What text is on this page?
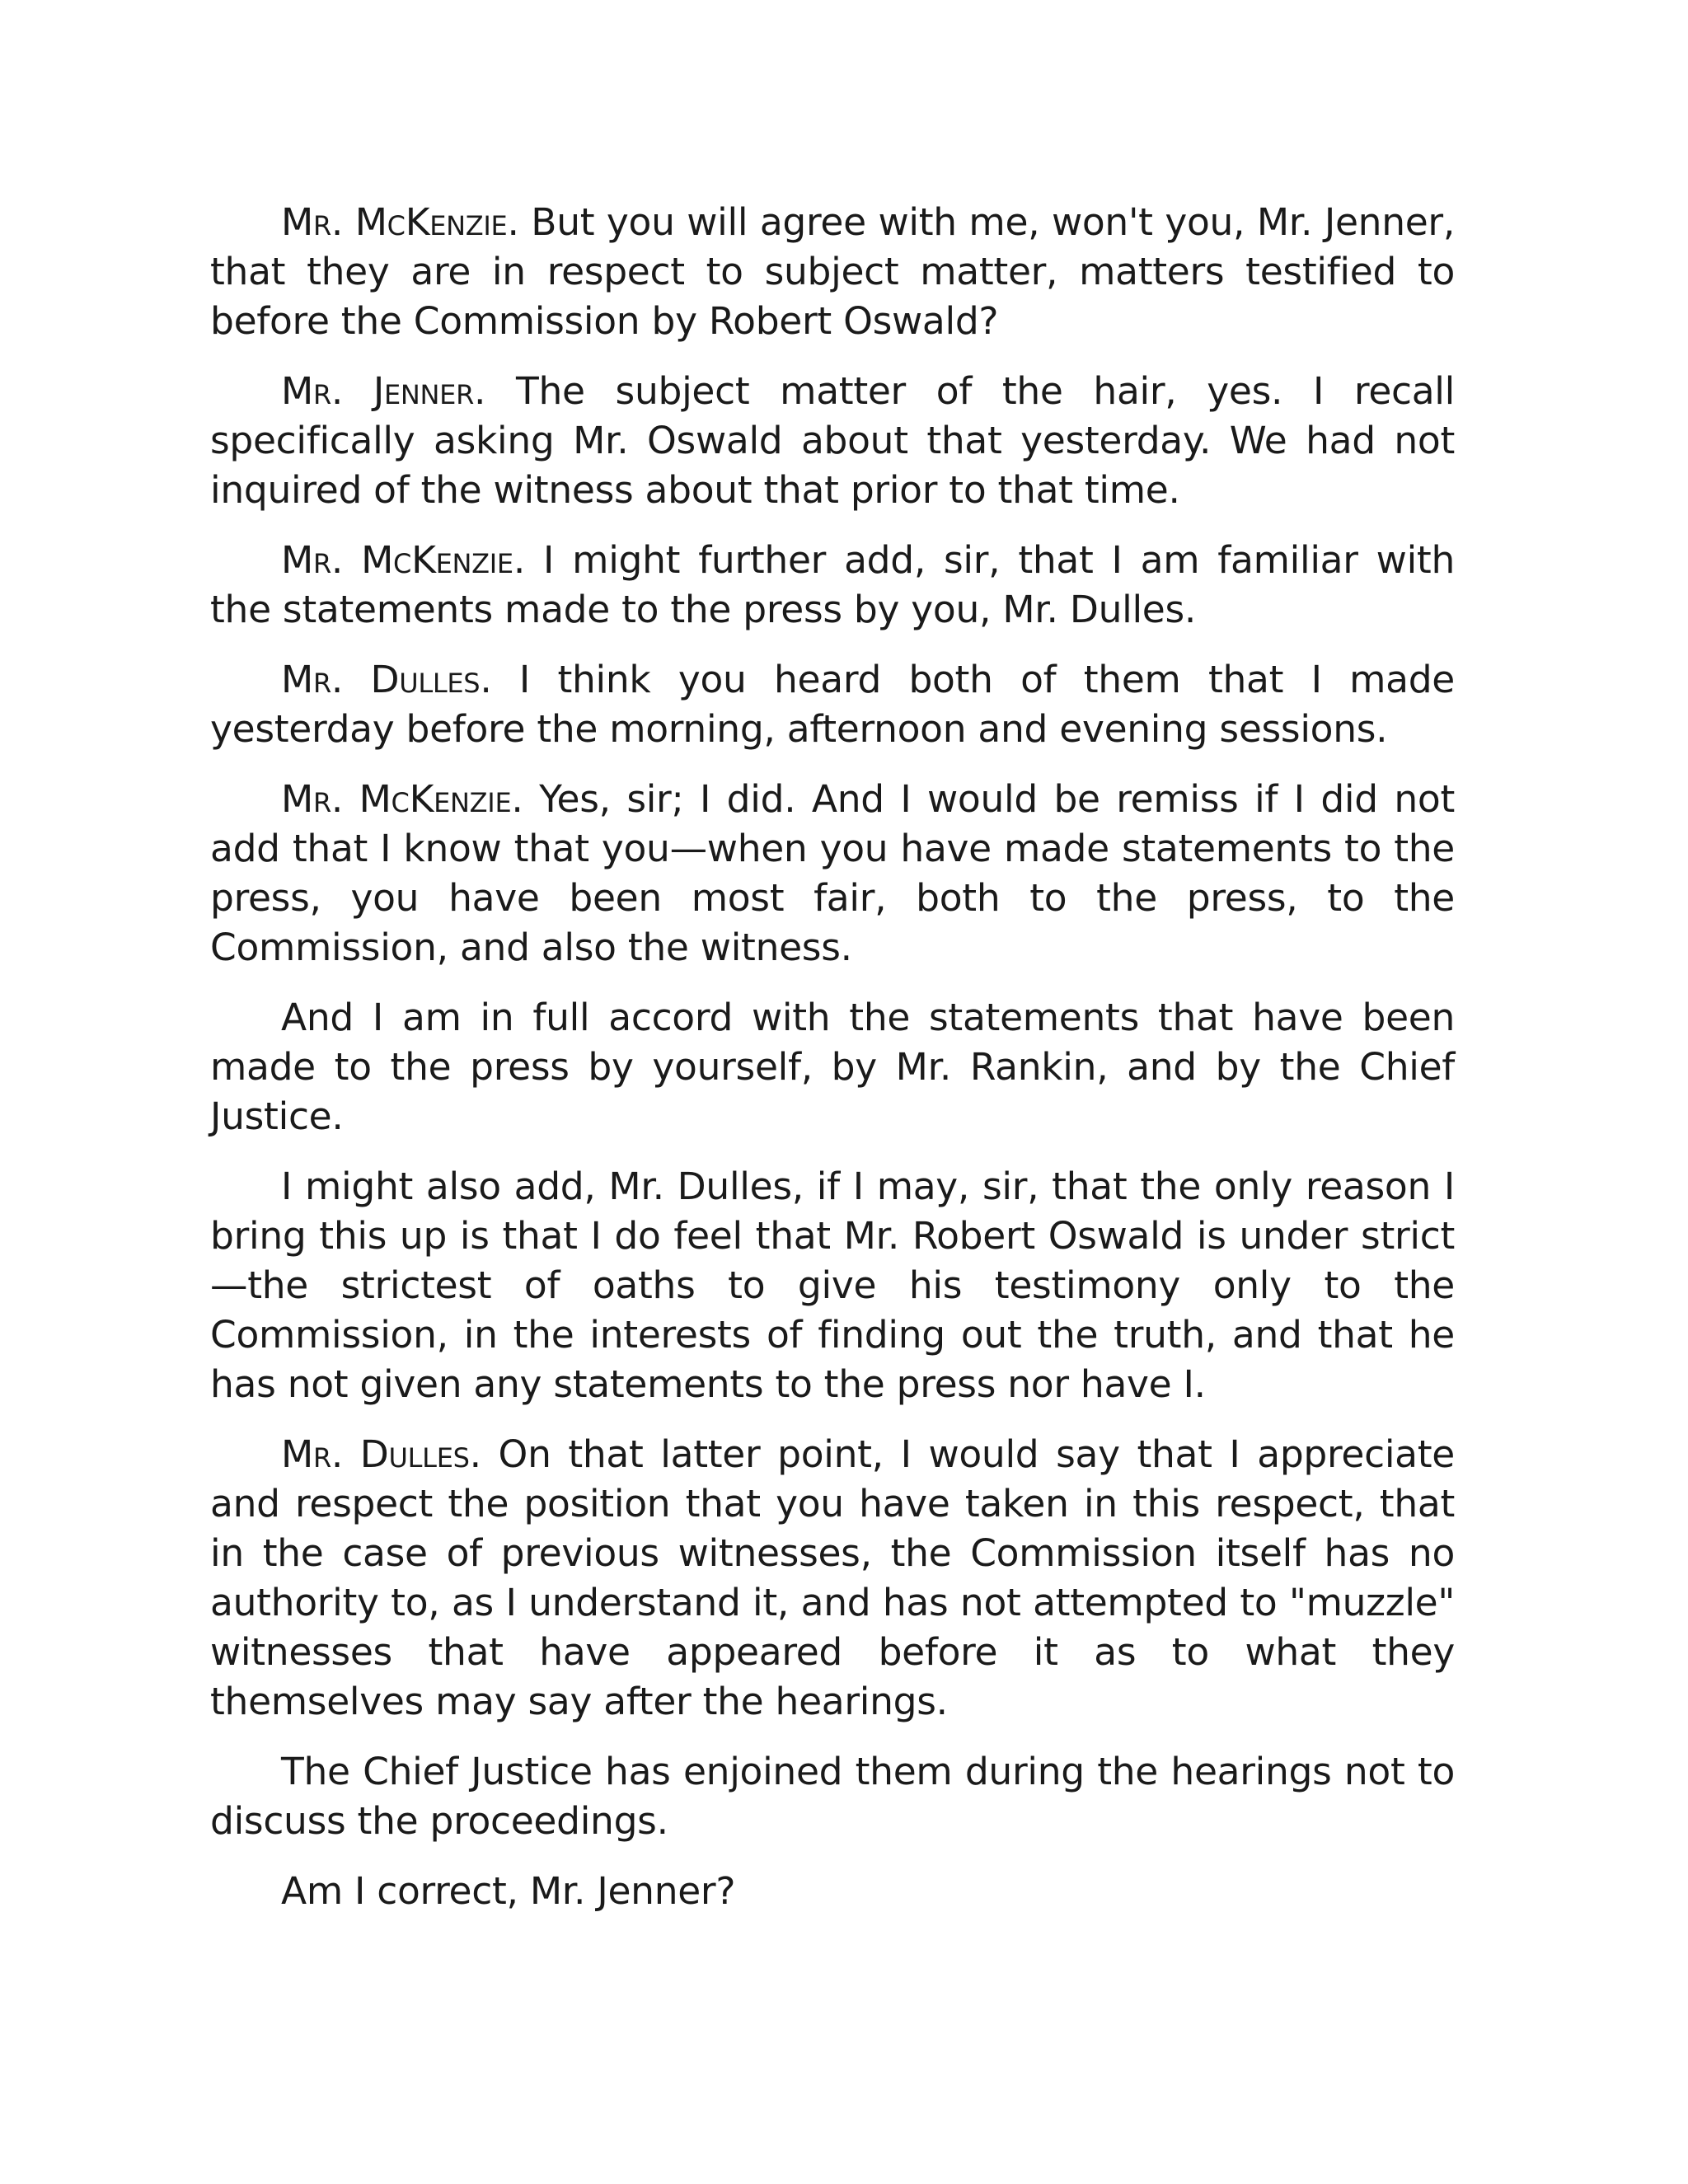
Mr. McKenzie. But you will agree with me, won't you, Mr. Jenner, that they are in respect to subject matter, matters testified to before the Commission by Robert Oswald?

Mr. Jenner. The subject matter of the hair, yes. I recall specifically asking Mr. Oswald about that yesterday. We had not inquired of the witness about that prior to that time.

Mr. McKenzie. I might further add, sir, that I am familiar with the statements made to the press by you, Mr. Dulles.

Mr. Dulles. I think you heard both of them that I made yesterday before the morning, afternoon and evening sessions.

Mr. McKenzie. Yes, sir; I did. And I would be remiss if I did not add that I know that you—when you have made statements to the press, you have been most fair, both to the press, to the Commission, and also the witness.

And I am in full accord with the statements that have been made to the press by yourself, by Mr. Rankin, and by the Chief Justice.

I might also add, Mr. Dulles, if I may, sir, that the only reason I bring this up is that I do feel that Mr. Robert Oswald is under strict—the strictest of oaths to give his testimony only to the Commission, in the interests of finding out the truth, and that he has not given any statements to the press nor have I.

Mr. Dulles. On that latter point, I would say that I appreciate and respect the position that you have taken in this respect, that in the case of previous witnesses, the Commission itself has no authority to, as I understand it, and has not attempted to "muzzle" witnesses that have appeared before it as to what they themselves may say after the hearings.

The Chief Justice has enjoined them during the hearings not to discuss the proceedings.

Am I correct, Mr. Jenner?
